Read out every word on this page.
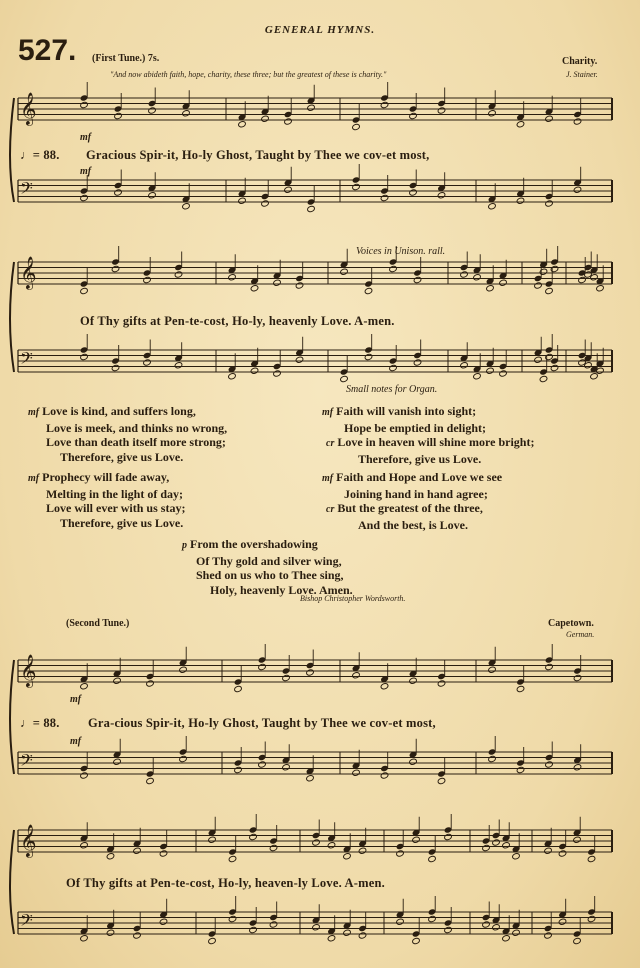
GENERAL HYMNS.
527. (First Tune.) 7s.	Charity.
"And now abideth faith, hope, charity, these three; but the greatest of these is charity."	J. Stainer.
mf
♩= 88. Gracious Spir-it, Ho-ly Ghost, Taught by Thee we cov-et most,
mf
Voices in Unison. rall.
Of Thy gifts at Pen-te-cost, Ho-ly, heavenly Love. A-men.
Small notes for Organ.
mf Love is kind, and suffers long,
Love is meek, and thinks no wrong,
Love than death itself more strong;
Therefore, give us Love.
mf Faith will vanish into sight;
Hope be emptied in delight;
cr Love in heaven will shine more bright;
Therefore, give us Love.
mf Prophecy will fade away,
Melting in the light of day;
Love will ever with us stay;
Therefore, give us Love.
mf Faith and Hope and Love we see
Joining hand in hand agree;
cr But the greatest of the three,
And the best, is Love.
p From the overshadowing
Of Thy gold and silver wing,
Shed on us who to Thee sing,
Holy, heavenly Love. Amen.
Bishop Christopher Wordsworth.
(Second Tune.)	Capetown.
German.
mf
♩= 88. Gra-cious Spir-it, Ho-ly Ghost, Taught by Thee we cov-et most,
mf
Of Thy gifts at Pen-te-cost, Ho-ly, heaven-ly Love. A-men.
𝄞
𝄢
𝄞
𝄢
𝄞
𝄢
𝄞
𝄢
